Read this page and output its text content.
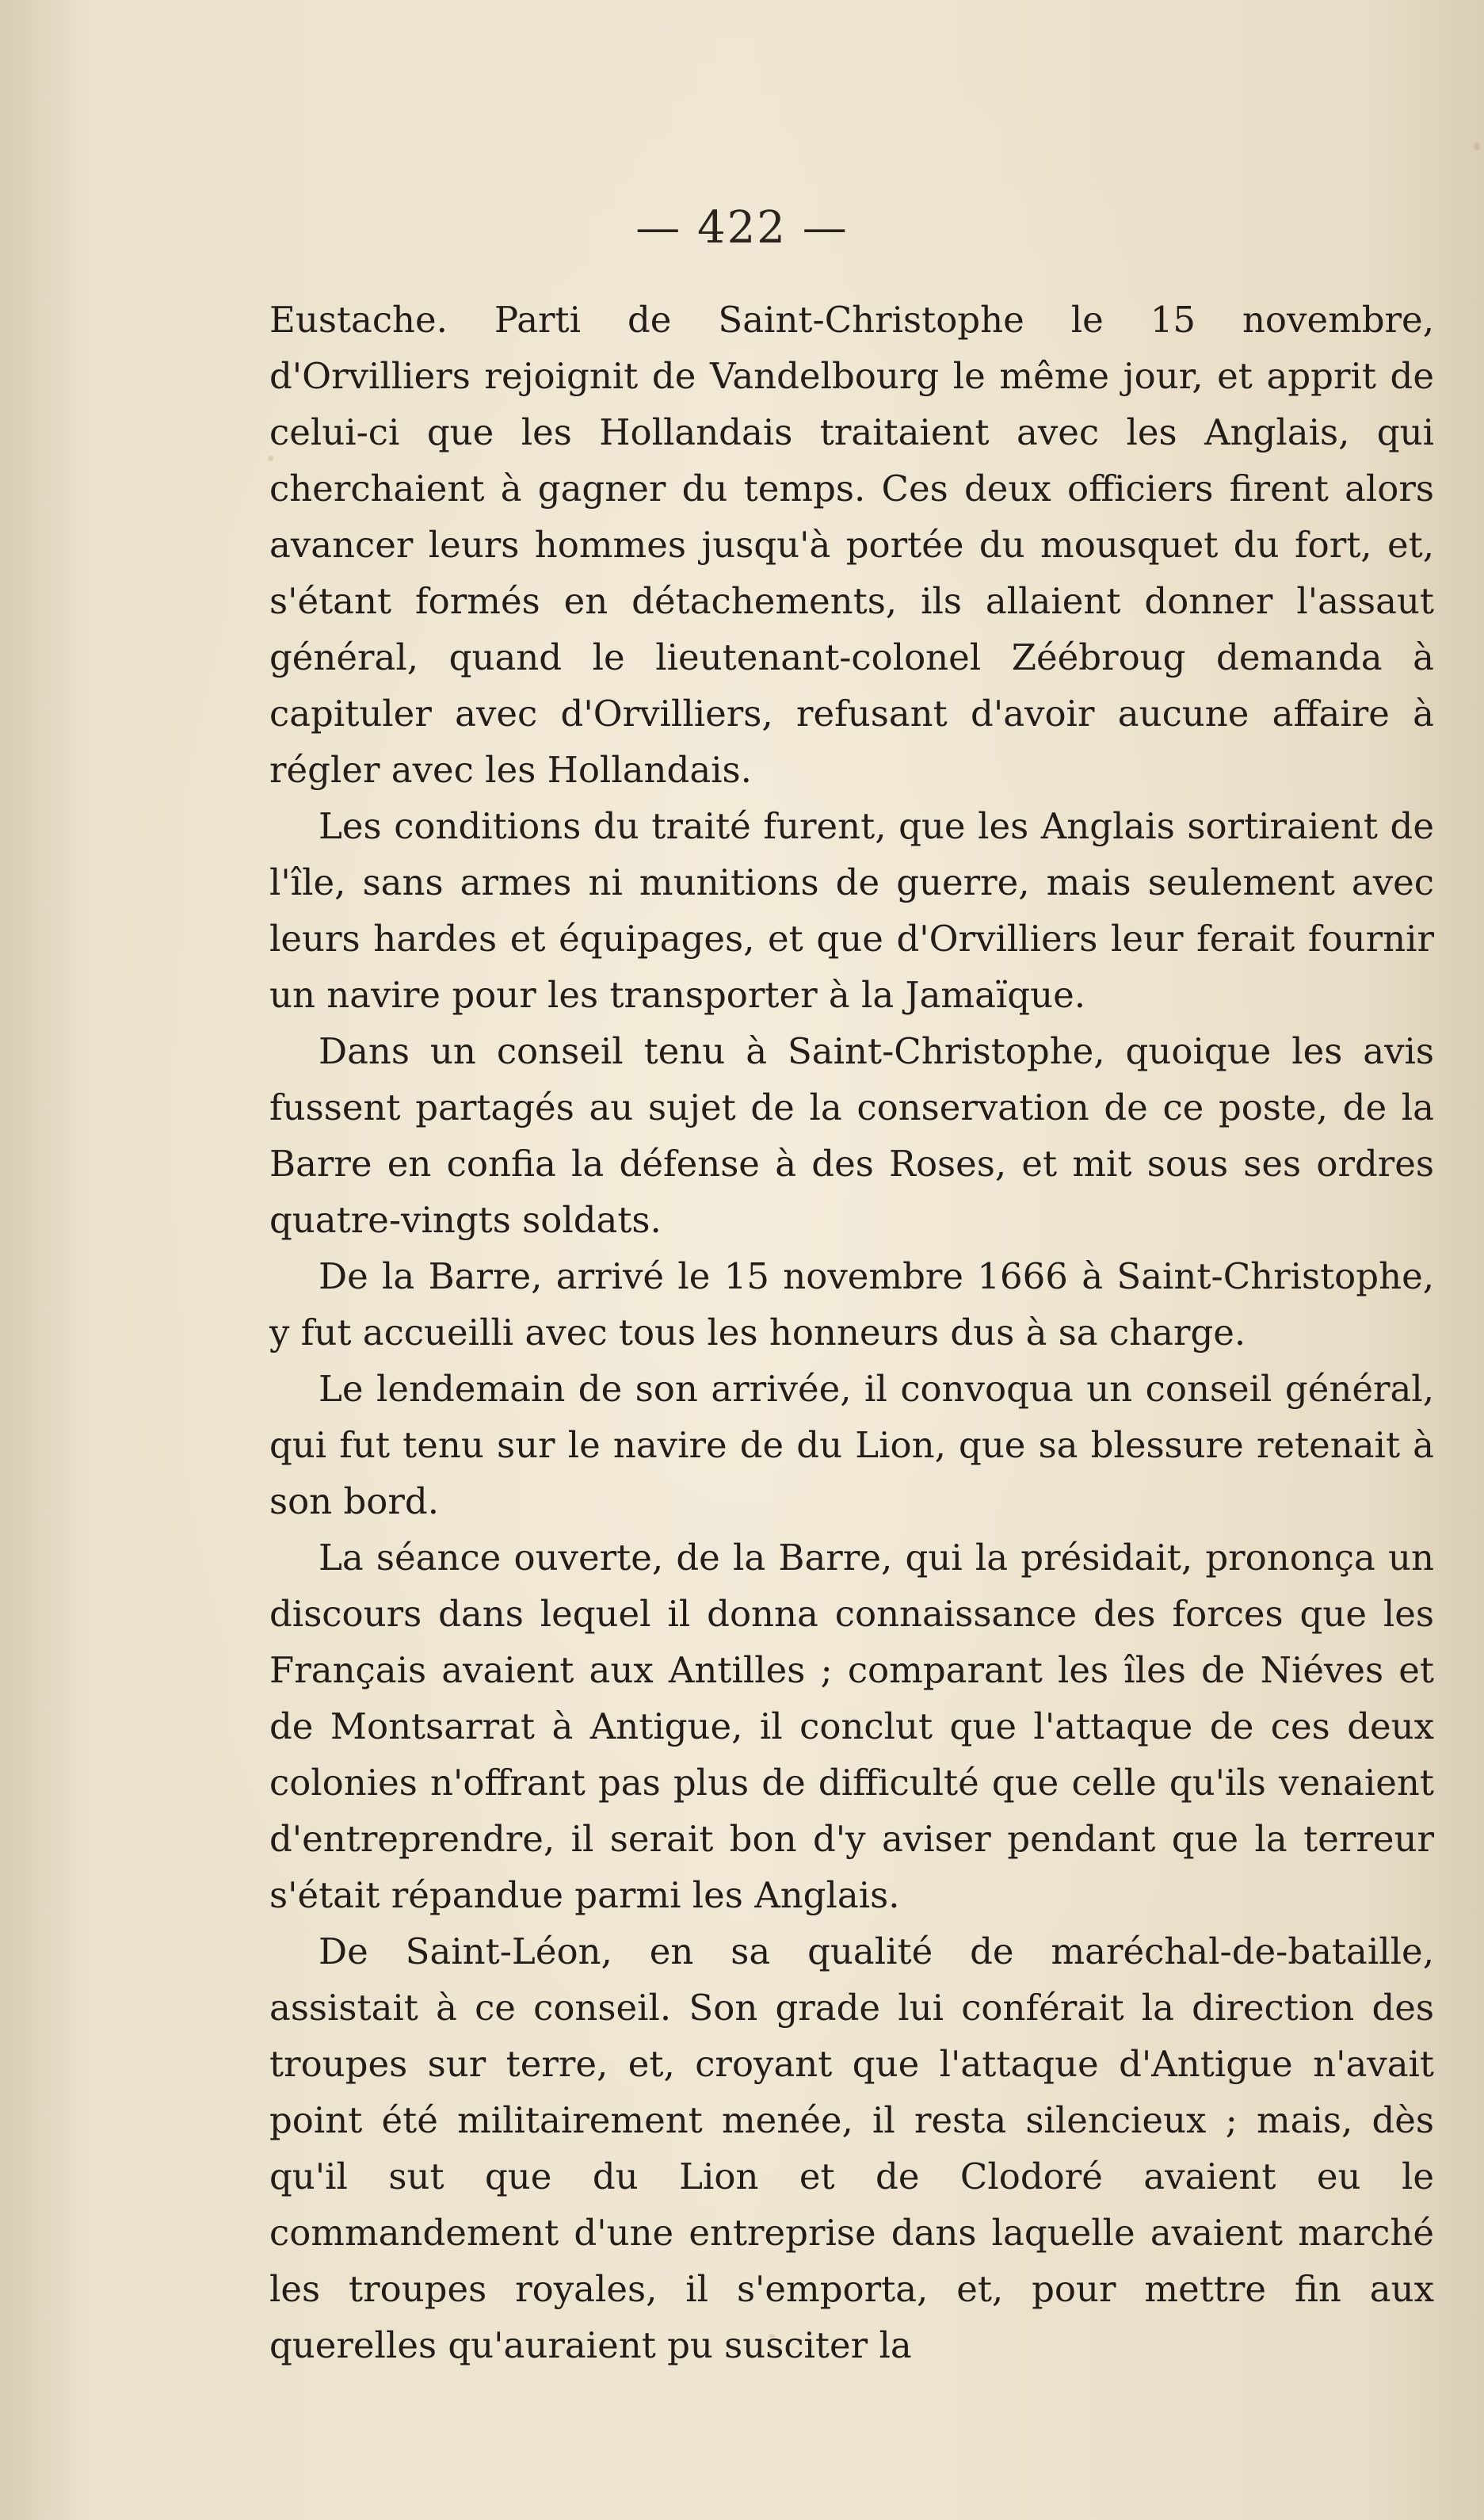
— 422 —

Eustache. Parti de Saint-Christophe le 15 novembre, d'Orvilliers rejoignit de Vandelbourg le même jour, et apprit de celui-ci que les Hollandais traitaient avec les Anglais, qui cherchaient à gagner du temps. Ces deux officiers firent alors avancer leurs hommes jusqu'à portée du mousquet du fort, et, s'étant formés en détachements, ils allaient donner l'assaut général, quand le lieutenant-colonel Zéébroug demanda à capituler avec d'Orvilliers, refusant d'avoir aucune affaire à régler avec les Hollandais.

Les conditions du traité furent, que les Anglais sortiraient de l'île, sans armes ni munitions de guerre, mais seulement avec leurs hardes et équipages, et que d'Orvilliers leur ferait fournir un navire pour les transporter à la Jamaïque.

Dans un conseil tenu à Saint-Christophe, quoique les avis fussent partagés au sujet de la conservation de ce poste, de la Barre en confia la défense à des Roses, et mit sous ses ordres quatre-vingts soldats.

De la Barre, arrivé le 15 novembre 1666 à Saint-Christophe, y fut accueilli avec tous les honneurs dus à sa charge.

Le lendemain de son arrivée, il convoqua un conseil général, qui fut tenu sur le navire de du Lion, que sa blessure retenait à son bord.

La séance ouverte, de la Barre, qui la présidait, prononça un discours dans lequel il donna connaissance des forces que les Français avaient aux Antilles ; comparant les îles de Niéves et de Montsarrat à Antigue, il conclut que l'attaque de ces deux colonies n'offrant pas plus de difficulté que celle qu'ils venaient d'entreprendre, il serait bon d'y aviser pendant que la terreur s'était répandue parmi les Anglais.

De Saint-Léon, en sa qualité de maréchal-de-bataille, assistait à ce conseil. Son grade lui conférait la direction des troupes sur terre, et, croyant que l'attaque d'Antigue n'avait point été militairement menée, il resta silencieux ; mais, dès qu'il sut que du Lion et de Clodoré avaient eu le commandement d'une entreprise dans laquelle avaient marché les troupes royales, il s'emporta, et, pour mettre fin aux querelles qu'auraient pu susciter la
